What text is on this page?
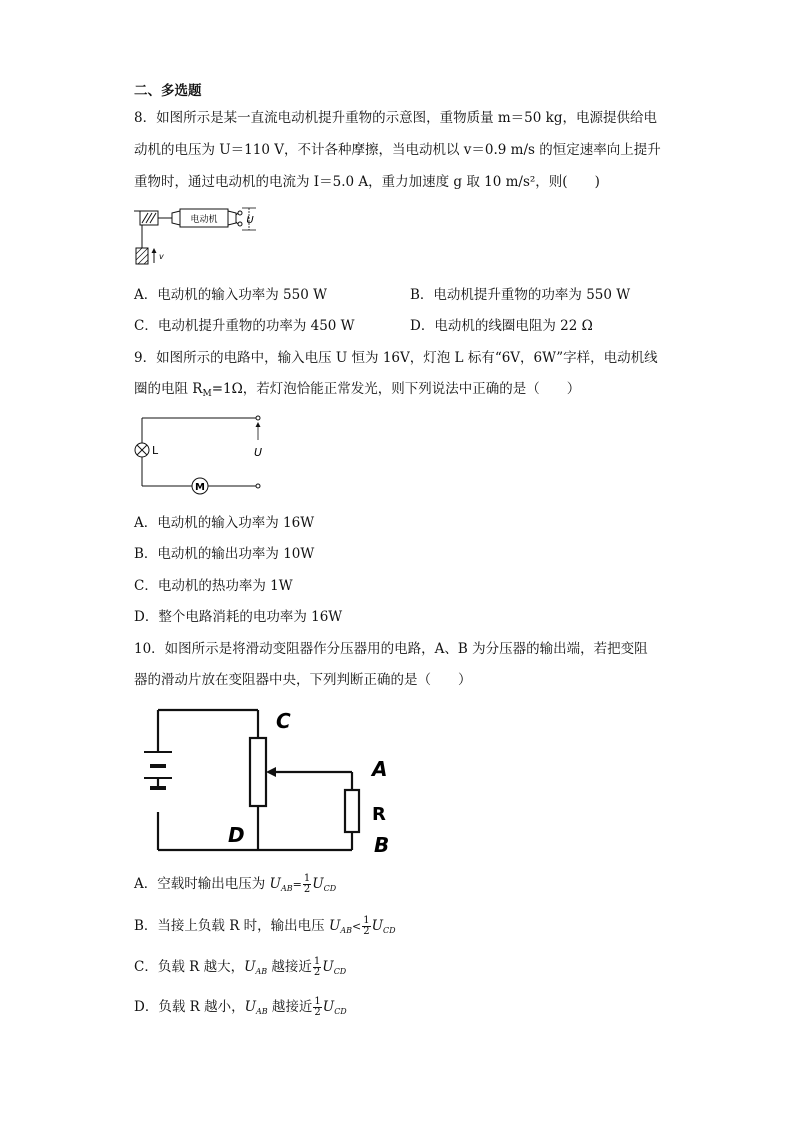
二、多选题
8．如图所示是某一直流电动机提升重物的示意图，重物质量 m＝50 kg，电源提供给电
动机的电压为 U＝110 V，不计各种摩擦，当电动机以 v＝0.9 m/s 的恒定速率向上提升
重物时，通过电动机的电流为 I＝5.0 A，重力加速度 g 取 10 m/s²，则(　　)
电动机	U
v
A．电动机的输入功率为 550 W	B．电动机提升重物的功率为 550 W
C．电动机提升重物的功率为 450 W	D．电动机的线圈电阻为 22 Ω
9．如图所示的电路中，输入电压 U 恒为 16V，灯泡 L 标有“6V，6W”字样，电动机线
圈的电阻 $R_M=1\Omega$，若灯泡恰能正常发光，则下列说法中正确的是（　　）
L
M
U
A．电动机的输入功率为 16W
B．电动机的输出功率为 10W
C．电动机的热功率为 1W
D．整个电路消耗的电功率为 16W
10．如图所示是将滑动变阻器作分压器用的电路，A、B 为分压器的输出端，若把变阻
器的滑动片放在变阻器中央，下列判断正确的是（　　）
C
D
A
R
B
A．空载时输出电压为 $U_{AB}= \frac{1}{2} U_{CD}$
B．当接上负载 R 时，输出电压 $U_{AB}< \frac{1}{2} U_{CD}$
C．负载 R 越大，$U_{AB}$ 越接近 $\frac{1}{2} U_{CD}$
D．负载 R 越小，$U_{AB}$ 越接近 $\frac{1}{2} U_{CD}$
